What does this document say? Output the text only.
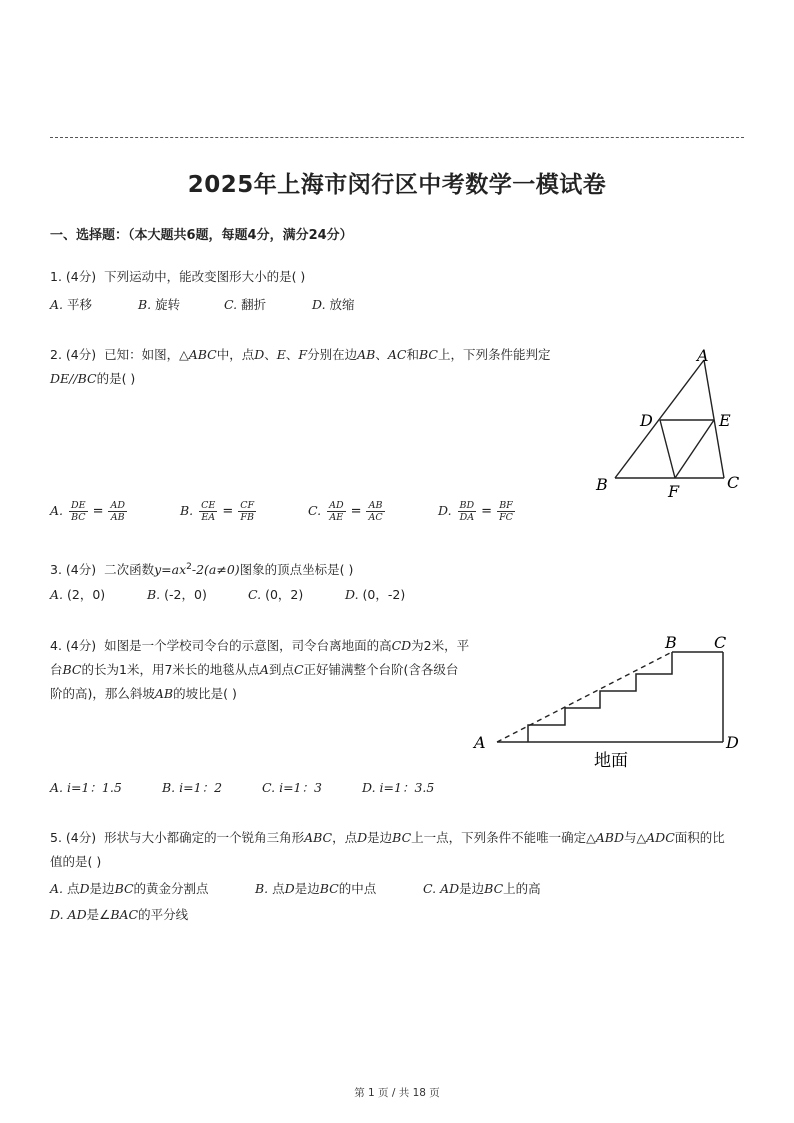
2025年上海市闵行区中考数学一模试卷
一、选择题：（本大题共6题，每题4分，满分24分）
1. (4分) 下列运动中，能改变图形大小的是( )
A. 平移	B. 旋转	C. 翻折	D. 放缩
2. (4分) 已知：如图，△ABC中，点D、E、F分别在边AB、AC和BC上，下列条件能判定
DE//BC的是( )
A
B	C
D	E
F
A. $\frac{DE}{BC} = \frac{AD}{AB}$	B. $\frac{CE}{EA} = \frac{CF}{FB}$	C. $\frac{AD}{AE} = \frac{AB}{AC}$	D. $\frac{BD}{DA} = \frac{BF}{FC}$
3. (4分) 二次函数$y=ax^2-2(a\ne 0)$图象的顶点坐标是( )
A. (2，0)	B. (-2，0)	C. (0，2)	D. (0，-2)
4. (4分) 如图是一个学校司令台的示意图，司令台离地面的高CD为2米，平
台BC的长为1米，用7米长的地毯从点A到点C正好铺满整个台阶(含各级台
阶的高)，那么斜坡AB的坡比是( )
A
B C
D
地面
A. i=1：1.5	B. i=1：2	C. i=1：3	D. i=1：3.5
5. (4分) 形状与大小都确定的一个锐角三角形ABC，点D是边BC上一点，下列条件不能唯一确定△ABD与△ADC面积的比
值的是( )
A. 点D是边BC的黄金分割点	B. 点D是边BC的中点	C. AD是边BC上的高
D. AD是∠BAC的平分线
第 1 页 / 共 18 页
